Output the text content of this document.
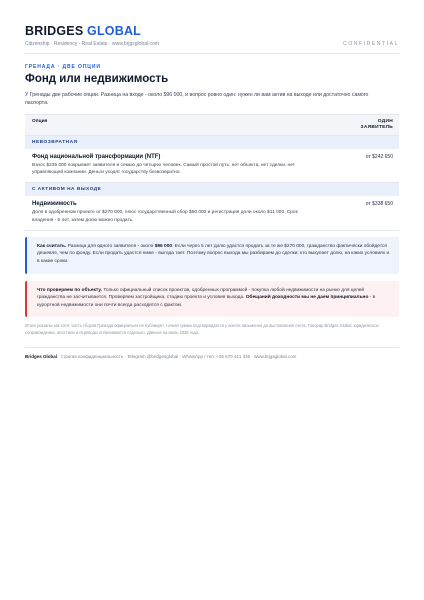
BRIDGES GLOBAL
Citizenship · Residency · Real Estate · www.brjgsglobal.com	CONFIDENTIAL
ГРЕНАДА · ДВЕ ОПЦИИ
Фонд или недвижимость

У Гренады две рабочие опции. Разница на входе - около $96 000, и вопрос ровно один: нужен ли вам актив на выходе или достаточно самого паспорта.

Опция	ОДИН
ЗАЯВИТЕЛЬ
НЕВОЗВРАТНАЯ
Фонд национальной трансформации (NTF)
Взнос $235 000 покрывает заявителя и семью до четырех человек. Самый простой путь: нет объекта, нет сделки, нет управляющей компании. Деньги уходят государству безвозвратно.
от $242 650
С АКТИВОМ НА ВЫХОДЕ
Недвижимость
Доля в одобренном проекте от $270 000, плюс государственный сбор $50 000 и регистрация доли около $11 000. Срок владения - 5 лет, затем долю можно продать.
от $338 650
Как считать. Разница для одного заявителя - около $96 000. Если через 5 лет долю удастся продать за те же $270 000, гражданство фактически обойдется дешевле, чем по фонду. Если продать удастся ниже - выгода тает. Поэтому вопрос выхода мы разбираем до сделки: кто выкупает долю, на каких условиях и в какие сроки.
Что проверяем по объекту. Только официальный список проектов, одобренных программой - покупка любой недвижимости на рынке для целей гражданства не засчитывается. Проверяем застройщика, стадию проекта и условия выхода. Обещаний доходности мы не даем принципиально - в курортной недвижимости они почти всегда расходятся с фактом.

Итоги указаны как хотя: часть сборов Гренада официально не публикует, точная сумма подтверждается у агента письменно до выставления счета. Гонорар Bridges Global, юридическое сопровождение, апостили и переводы оплачиваются отдельно. Данные на июль 2026 года.

Bridges Global · строгая конфиденциальность · Telegram @bridgesglobal · WhatsApp / тел: +36 670 421 336 · www.brjgsglobal.com
